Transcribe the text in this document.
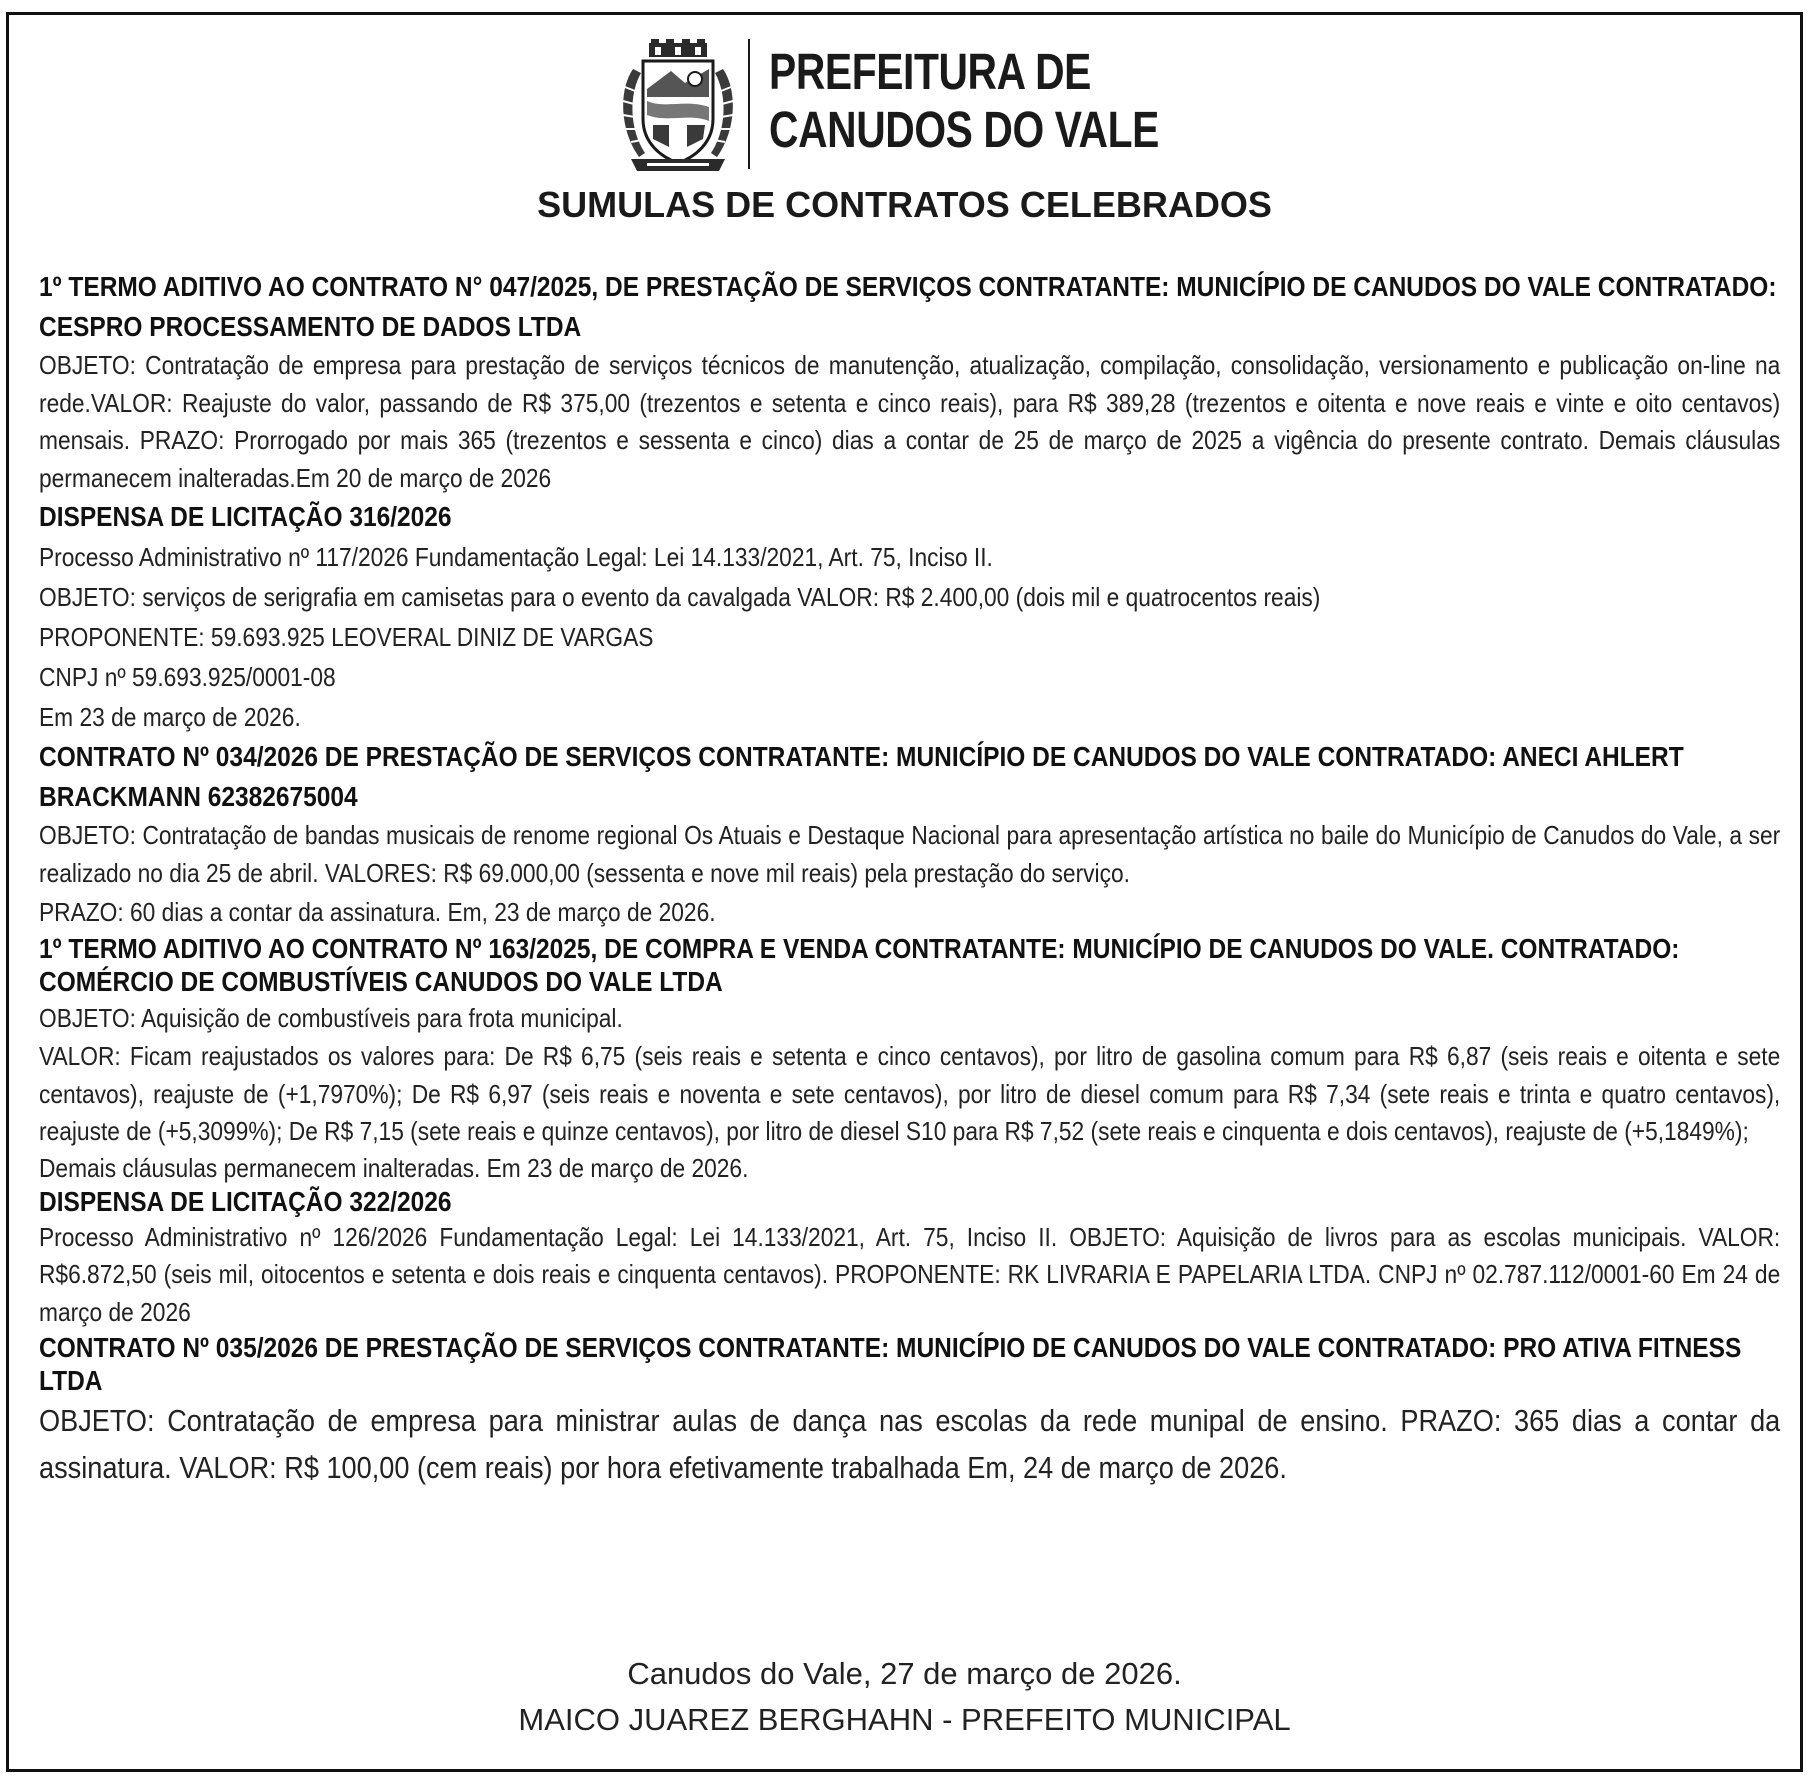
PREFEITURA DE
CANUDOS DO VALE
SUMULAS DE CONTRATOS CELEBRADOS

1º TERMO ADITIVO AO CONTRATO N° 047/2025, DE PRESTAÇÃO DE SERVIÇOS CONTRATANTE: MUNICÍPIO DE CANUDOS DO VALE CONTRATADO: CESPRO PROCESSAMENTO DE DADOS LTDA

OBJETO: Contratação de empresa para prestação de serviços técnicos de manutenção, atualização, compilação, consolidação, versionamento e publicação on-line na rede.VALOR: Reajuste do valor, passando de R$ 375,00 (trezentos e setenta e cinco reais), para R$ 389,28 (trezentos e oitenta e nove reais e vinte e oito centavos) mensais. PRAZO: Prorrogado por mais 365 (trezentos e sessenta e cinco) dias a contar de 25 de março de 2025 a vigência do presente contrato. Demais cláusulas permanecem inalteradas.Em 20 de março de 2026

DISPENSA DE LICITAÇÃO 316/2026

Processo Administrativo nº 117/2026 Fundamentação Legal: Lei 14.133/2021, Art. 75, Inciso II.

OBJETO: serviços de serigrafia em camisetas para o evento da cavalgada VALOR: R$ 2.400,00 (dois mil e quatrocentos reais)

PROPONENTE: 59.693.925 LEOVERAL DINIZ DE VARGAS

CNPJ nº 59.693.925/0001-08

Em 23 de março de 2026.

CONTRATO Nº 034/2026 DE PRESTAÇÃO DE SERVIÇOS CONTRATANTE: MUNICÍPIO DE CANUDOS DO VALE CONTRATADO: ANECI AHLERT BRACKMANN 62382675004

OBJETO: Contratação de bandas musicais de renome regional Os Atuais e Destaque Nacional para apresentação artística no baile do Município de Canudos do Vale, a ser realizado no dia 25 de abril. VALORES: R$ 69.000,00 (sessenta e nove mil reais) pela prestação do serviço.

PRAZO: 60 dias a contar da assinatura. Em, 23 de março de 2026.

1º TERMO ADITIVO AO CONTRATO Nº 163/2025, DE COMPRA E VENDA CONTRATANTE: MUNICÍPIO DE CANUDOS DO VALE. CONTRATADO: COMÉRCIO DE COMBUSTÍVEIS CANUDOS DO VALE LTDA

OBJETO: Aquisição de combustíveis para frota municipal.

VALOR: Ficam reajustados os valores para: De R$ 6,75 (seis reais e setenta e cinco centavos), por litro de gasolina comum para R$ 6,87 (seis reais e oitenta e sete centavos), reajuste de (+1,7970%); De R$ 6,97 (seis reais e noventa e sete centavos), por litro de diesel comum para R$ 7,34 (sete reais e trinta e quatro centavos), reajuste de (+5,3099%); De R$ 7,15 (sete reais e quinze centavos), por litro de diesel S10 para R$ 7,52 (sete reais e cinquenta e dois centavos), reajuste de (+5,1849%);

Demais cláusulas permanecem inalteradas. Em 23 de março de 2026.

DISPENSA DE LICITAÇÃO 322/2026

Processo Administrativo nº 126/2026 Fundamentação Legal: Lei 14.133/2021, Art. 75, Inciso II. OBJETO: Aquisição de livros para as escolas municipais. VALOR: R$6.872,50 (seis mil, oitocentos e setenta e dois reais e cinquenta centavos). PROPONENTE: RK LIVRARIA E PAPELARIA LTDA. CNPJ nº 02.787.112/0001-60 Em 24 de março de 2026

CONTRATO Nº 035/2026 DE PRESTAÇÃO DE SERVIÇOS CONTRATANTE: MUNICÍPIO DE CANUDOS DO VALE CONTRATADO: PRO ATIVA FITNESS LTDA

OBJETO: Contratação de empresa para ministrar aulas de dança nas escolas da rede munipal de ensino. PRAZO: 365 dias a contar da assinatura. VALOR: R$ 100,00 (cem reais) por hora efetivamente trabalhada Em, 24 de março de 2026.

Canudos do Vale, 27 de março de 2026.
MAICO JUAREZ BERGHAHN - PREFEITO MUNICIPAL
